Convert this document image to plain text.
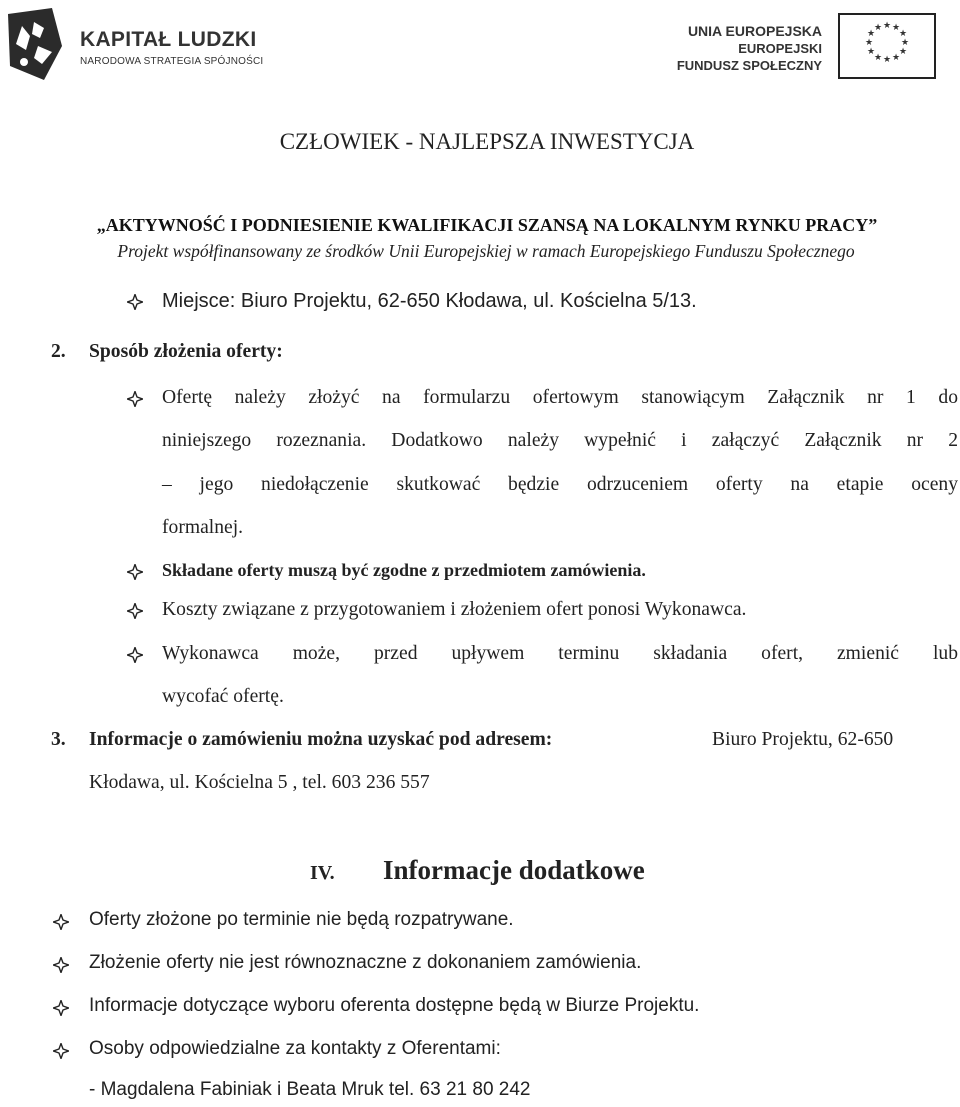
KAPITAŁ LUDZKI
NARODOWA STRATEGIA SPÓJNOŚCI
UNIA EUROPEJSKA
EUROPEJSKI
FUNDUSZ SPOŁECZNY
★ ★
★
★
★
★
★
★
★
★
★
★
CZŁOWIEK - NAJLEPSZA INWESTYCJA
„AKTYWNOŚĆ I PODNIESIENIE KWALIFIKACJI SZANSĄ NA LOKALNYM RYNKU PRACY”
Projekt współfinansowany ze środków Unii Europejskiej w ramach Europejskiego Funduszu Społecznego
Miejsce: Biuro Projektu, 62-650 Kłodawa, ul. Kościelna 5/13.
2. Sposób złożenia oferty:
Ofertę należy złożyć na formularzu ofertowym stanowiącym Załącznik nr 1 do
niniejszego rozeznania. Dodatkowo należy wypełnić i załączyć Załącznik nr 2
– jego niedołączenie skutkować będzie odrzuceniem oferty na etapie oceny
formalnej.
Składane oferty muszą być zgodne z przedmiotem zamówienia.
Koszty związane z przygotowaniem i złożeniem ofert ponosi Wykonawca.
Wykonawca może, przed upływem terminu składania ofert, zmienić lub
wycofać ofertę.
3. Informacje o zamówieniu można uzyskać pod adresem:	Biuro Projektu, 62-650
Kłodawa, ul. Kościelna 5 , tel. 603 236 557
IV. Informacje dodatkowe
Oferty złożone po terminie nie będą rozpatrywane.
Złożenie oferty nie jest równoznaczne z dokonaniem zamówienia.
Informacje dotyczące wyboru oferenta dostępne będą w Biurze Projektu.
Osoby odpowiedzialne za kontakty z Oferentami:
- Magdalena Fabiniak i Beata Mruk tel. 63 21 80 242
